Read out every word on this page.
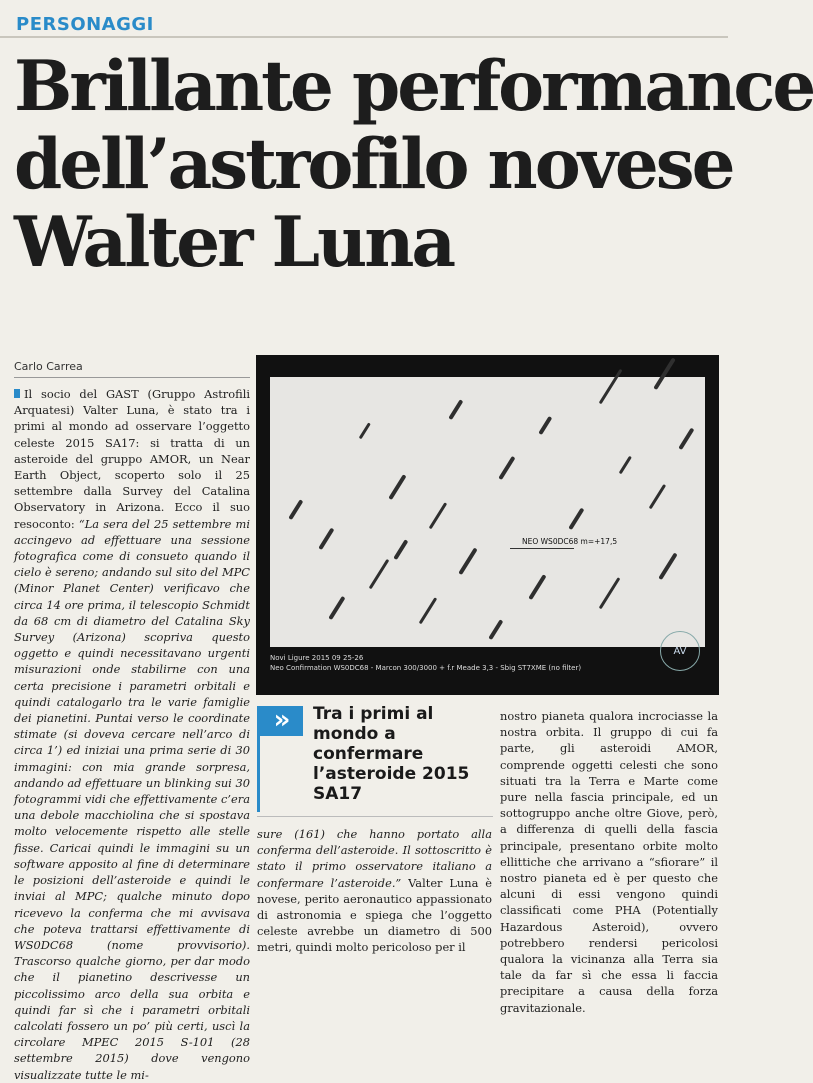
PERSONAGGI
Brillante performance
dell’astrofilo novese
Walter Luna
Carlo Carrea

Il socio del GAST (Gruppo Astrofili Arquatesi) Valter Luna, è stato tra i primi al mondo ad osservare l’oggetto celeste 2015 SA17: si tratta di un asteroide del gruppo AMOR, un Near Earth Object, scoperto solo il 25 settembre dalla Survey del Catalina Observatory in Arizona. Ecco il suo resoconto: “La sera del 25 settembre mi accingevo ad effettuare una sessione fotografica come di consueto quando il cielo è sereno; andando sul sito del MPC (Minor Planet Center) verificavo che circa 14 ore prima, il telescopio Schmidt da 68 cm di diametro del Catalina Sky Survey (Arizona) scopriva questo oggetto e quindi necessitavano urgenti misurazioni onde stabilirne con una certa precisione i parametri orbitali e quindi catalogarlo tra le varie famiglie dei pianetini. Puntai verso le coordinate stimate (si doveva cercare nell’arco di circa 1’) ed iniziai una prima serie di 30 immagini: con mia grande sorpresa, andando ad effettuare un blinking sui 30 fotogrammi vidi che effettivamente c’era una debole macchiolina che si spostava molto velocemente rispetto alle stelle fisse. Caricai quindi le immagini su un software apposito al fine di determinare le posizioni dell’asteroide e quindi le inviai al MPC; qualche minuto dopo ricevevo la conferma che mi avvisava che poteva trattarsi effettivamente di WS0DC68 (nome provvisorio). Trascorso qualche giorno, per dar modo che il pianetino descrivesse un piccolissimo arco della sua orbita e quindi far sì che i parametri orbitali calcolati fossero un po’ più certi, uscì la circolare MPEC 2015 S-101 (28 settembre 2015) dove vengono visualizzate tutte le mi-

NEO WS0DC68 m=+17,5
Novi Ligure 2015 09 25-26
Neo Confirmation WS0DC68 - Marcon 300/3000 + f.r Meade 3,3 - Sbig ST7XME (no filter)
AV
»	Tra i primi al mondo a confermare l’asteroide 2015 SA17

sure (161) che hanno portato alla conferma dell’asteroide. Il sottoscritto è stato il primo osservatore italiano a confermare l’asteroide.” Valter Luna è novese, perito aeronautico appassionato di astronomia e spiega che l’oggetto celeste avrebbe un diametro di 500 metri, quindi molto pericoloso per il

nostro pianeta qualora incrociasse la nostra orbita. Il gruppo di cui fa parte, gli asteroidi AMOR, comprende oggetti celesti che sono situati tra la Terra e Marte come pure nella fascia principale, ed un sottogruppo anche oltre Giove, però, a differenza di quelli della fascia principale, presentano orbite molto ellittiche che arrivano a “sfiorare” il nostro pianeta ed è per questo che alcuni di essi vengono quindi classificati come PHA (Potentially Hazardous Asteroid), ovvero potrebbero rendersi pericolosi qualora la vicinanza alla Terra sia tale da far sì che essa li faccia precipitare a causa della forza gravitazionale.
